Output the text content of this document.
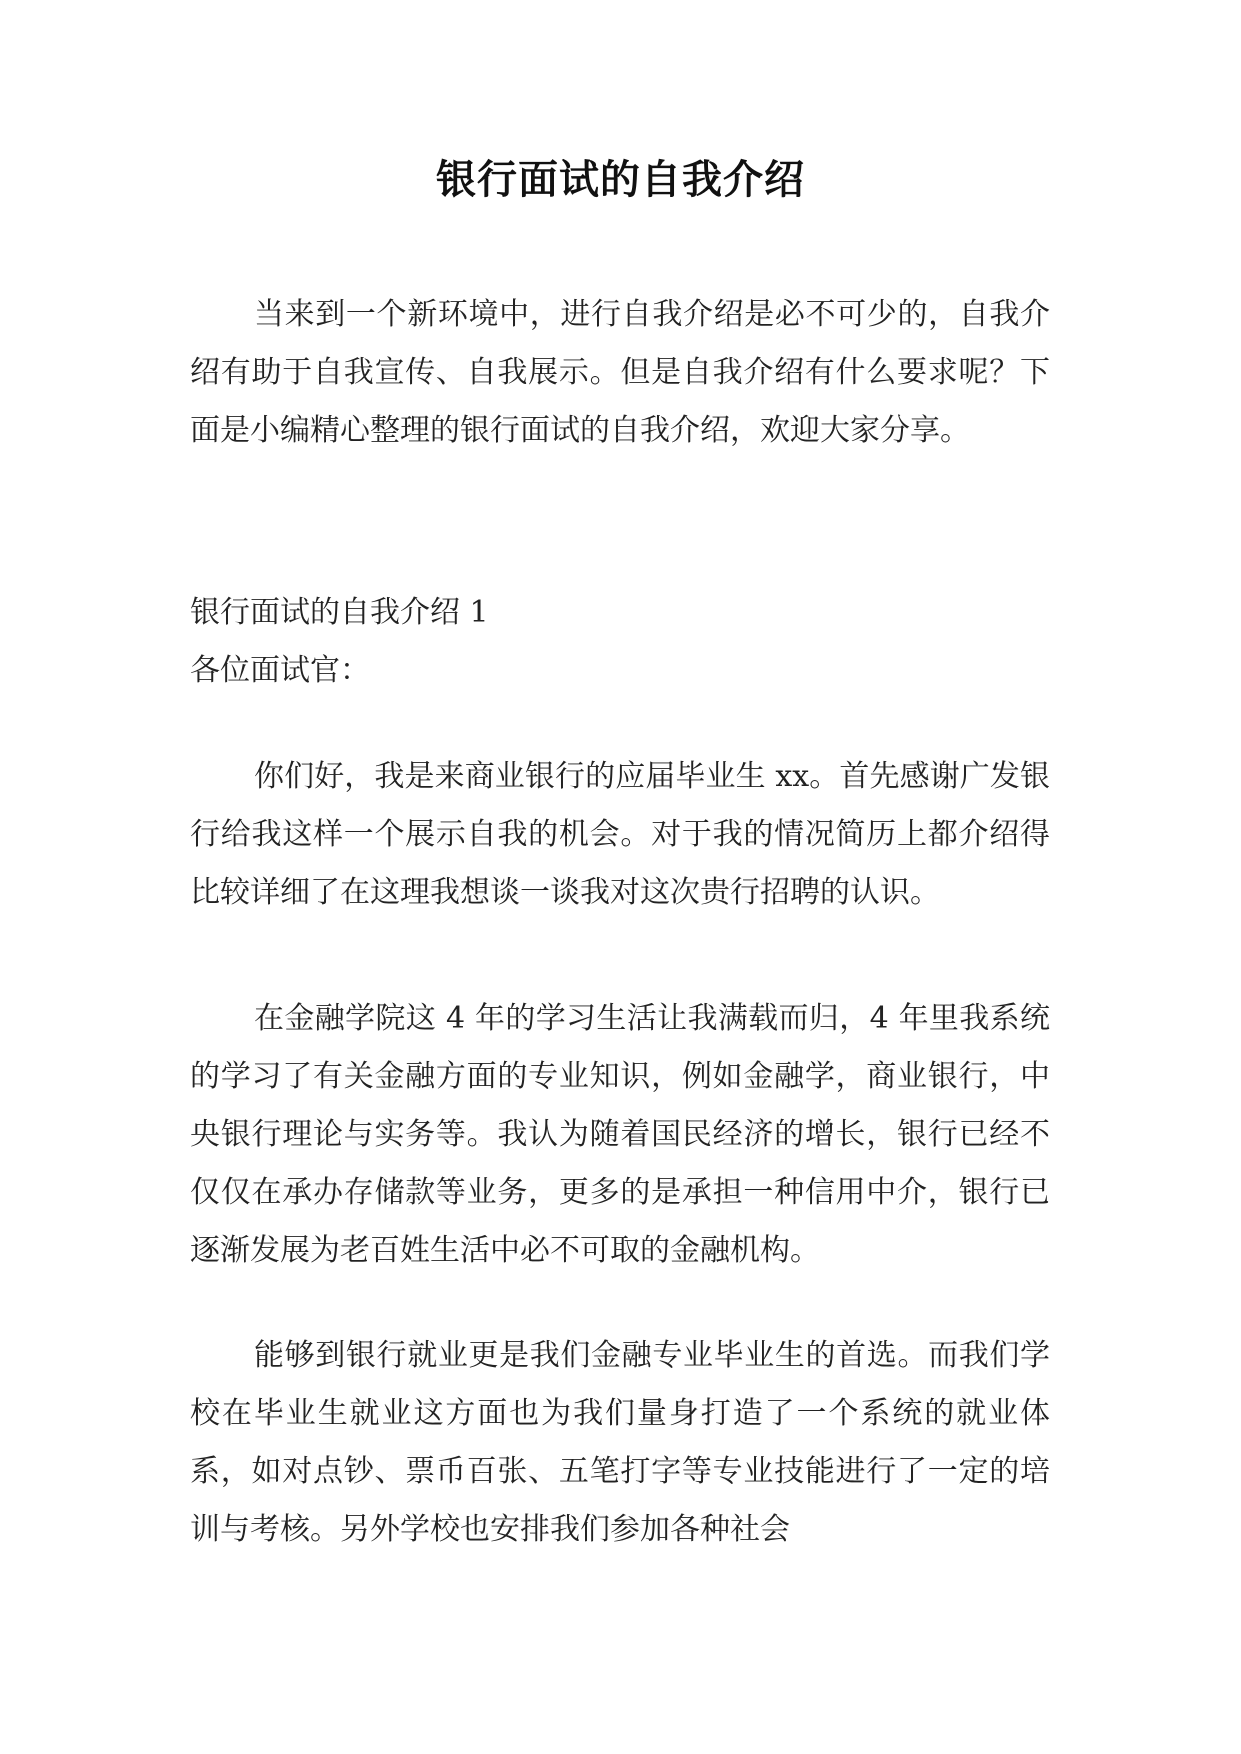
银行面试的自我介绍

当来到一个新环境中，进行自我介绍是必不可少的，自我介绍有助于自我宣传、自我展示。但是自我介绍有什么要求呢？下面是小编精心整理的银行面试的自我介绍，欢迎大家分享。

银行面试的自我介绍 1

各位面试官：

你们好，我是来商业银行的应届毕业生 xx。首先感谢广发银行给我这样一个展示自我的机会。对于我的情况简历上都介绍得比较详细了在这理我想谈一谈我对这次贵行招聘的认识。

在金融学院这 4 年的学习生活让我满载而归，4 年里我系统的学习了有关金融方面的专业知识，例如金融学，商业银行，中央银行理论与实务等。我认为随着国民经济的增长，银行已经不仅仅在承办存储款等业务，更多的是承担一种信用中介，银行已逐渐发展为老百姓生活中必不可取的金融机构。

能够到银行就业更是我们金融专业毕业生的首选。而我们学校在毕业生就业这方面也为我们量身打造了一个系统的就业体系，如对点钞、票币百张、五笔打字等专业技能进行了一定的培训与考核。另外学校也安排我们参加各种社会
